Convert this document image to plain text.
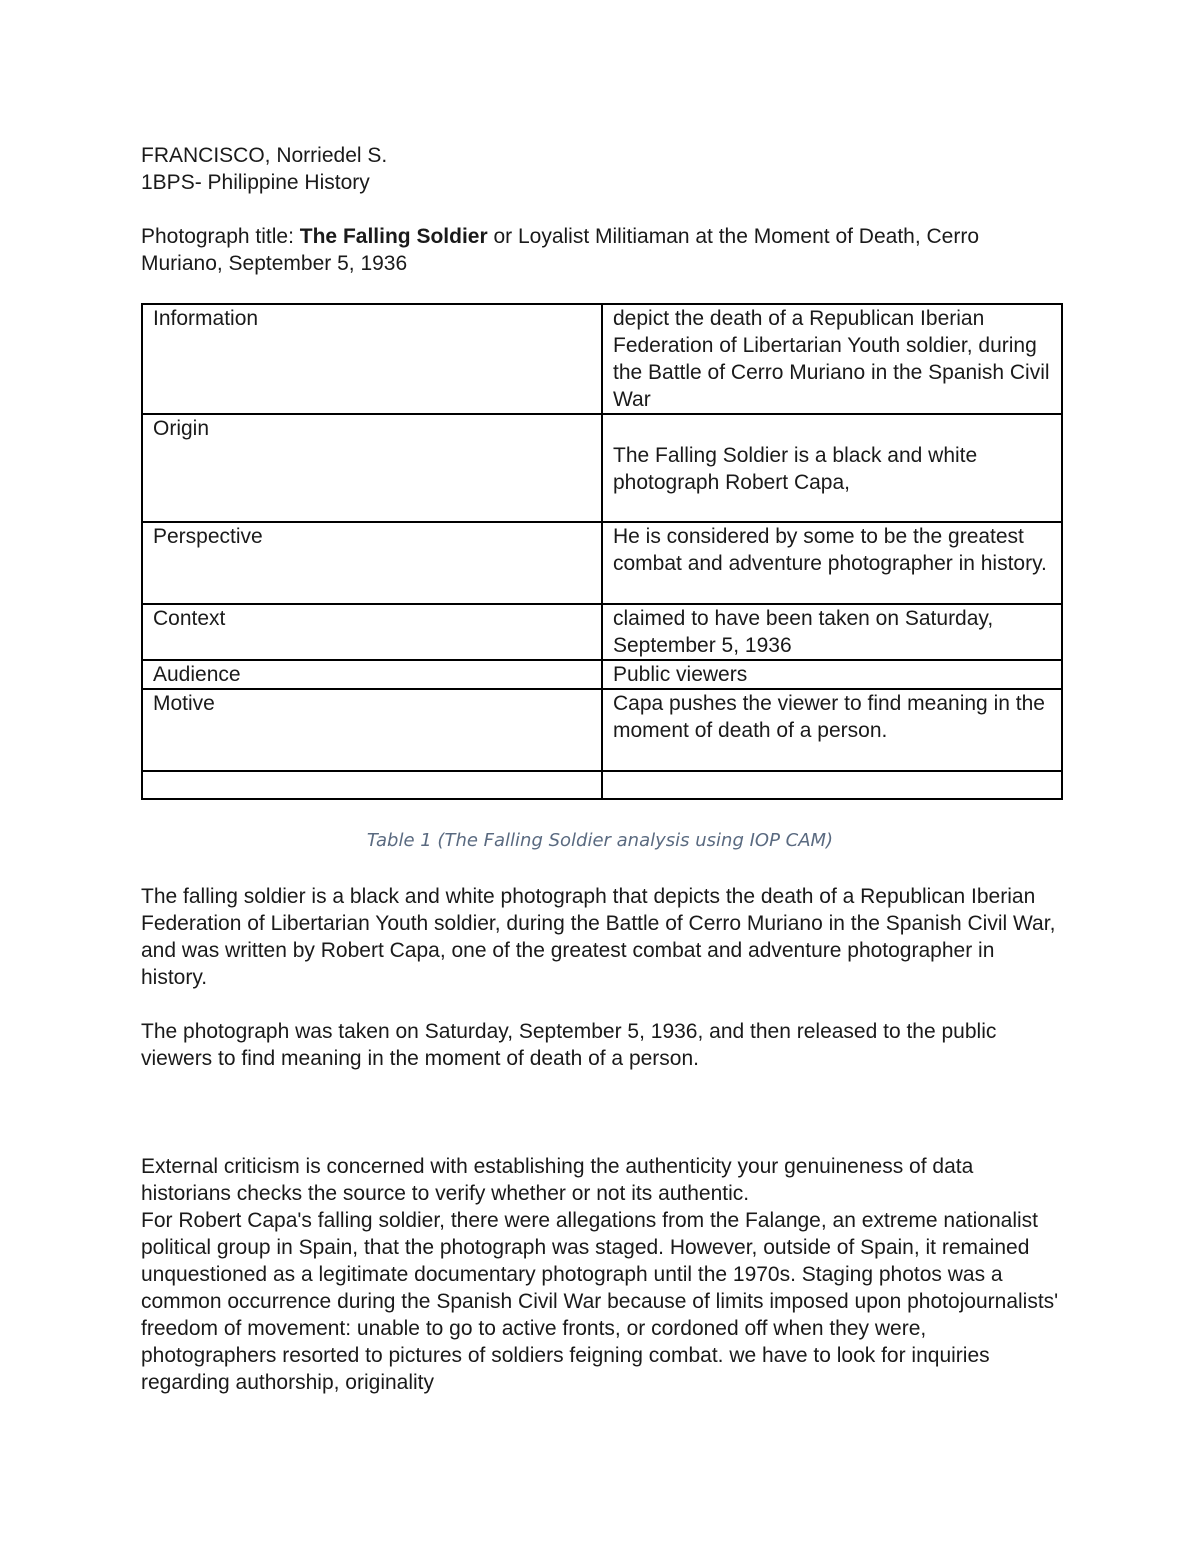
FRANCISCO, Norriedel S.
1BPS- Philippine History
Photograph title: The Falling Soldier or Loyalist Militiaman at the Moment of Death, Cerro Muriano, September 5, 1936
Information	depict the death of a Republican Iberian Federation of Libertarian Youth soldier, during the Battle of Cerro Muriano in the Spanish Civil War
Origin	The Falling Soldier is a black and white photograph Robert Capa,
Perspective	He is considered by some to be the greatest combat and adventure photographer in history.
Context	claimed to have been taken on Saturday, September 5, 1936
Audience	Public viewers
Motive	Capa pushes the viewer to find meaning in the moment of death of a person.

Table 1 (The Falling Soldier analysis using IOP CAM)
The falling soldier is a black and white photograph that depicts the death of a Republican Iberian Federation of Libertarian Youth soldier, during the Battle of Cerro Muriano in the Spanish Civil War, and was written by Robert Capa, one of the greatest combat and adventure photographer in history.
The photograph was taken on Saturday, September 5, 1936, and then released to the public viewers to find meaning in the moment of death of a person.
External criticism is concerned with establishing the authenticity your genuineness of data historians checks the source to verify whether or not its authentic.
For Robert Capa's falling soldier, there were allegations from the Falange, an extreme nationalist political group in Spain, that the photograph was staged. However, outside of Spain, it remained unquestioned as a legitimate documentary photograph until the 1970s. Staging photos was a common occurrence during the Spanish Civil War because of limits imposed upon photojournalists' freedom of movement: unable to go to active fronts, or cordoned off when they were, photographers resorted to pictures of soldiers feigning combat. we have to look for inquiries regarding authorship, originality
